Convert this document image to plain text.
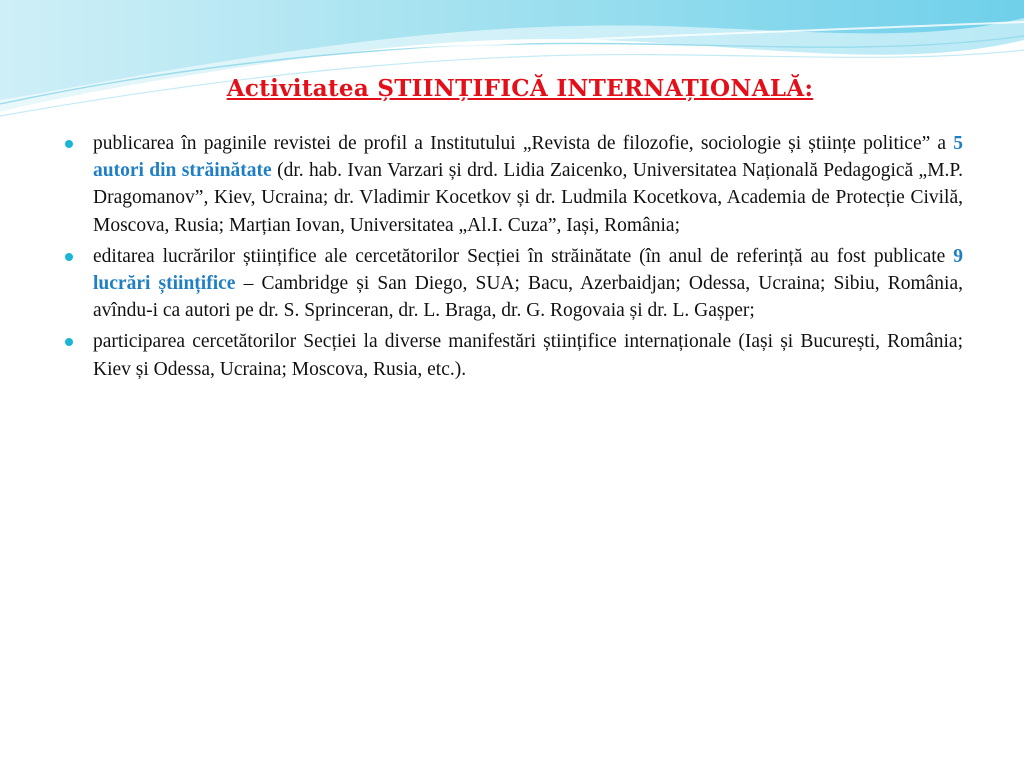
Activitatea ȘTIINȚIFICĂ INTERNAȚIONALĂ:
publicarea în paginile revistei de profil a Institutului „Revista de filozofie, sociologie și științe politice” a 5 autori din străinătate (dr. hab. Ivan Varzari și drd. Lidia Zaicenko, Universitatea Națională Pedagogică „M.P. Dragomanov”, Kiev, Ucraina; dr. Vladimir Kocetkov și dr. Ludmila Kocetkova, Academia de Protecție Civilă, Moscova, Rusia; Marțian Iovan, Universitatea „Al.I. Cuza”, Iași, România;
editarea lucrărilor științifice ale cercetătorilor Secției în străinătate (în anul de referință au fost publicate 9 lucrări științifice – Cambridge și San Diego, SUA; Bacu, Azerbaidjan; Odessa, Ucraina; Sibiu, România, avîndu-i ca autori pe dr. S. Sprinceran, dr. L. Braga, dr. G. Rogovaia și dr. L. Gașper;
participarea cercetătorilor Secției la diverse manifestări științifice internaționale (Iași și București, România; Kiev și Odessa, Ucraina; Moscova, Rusia, etc.).
